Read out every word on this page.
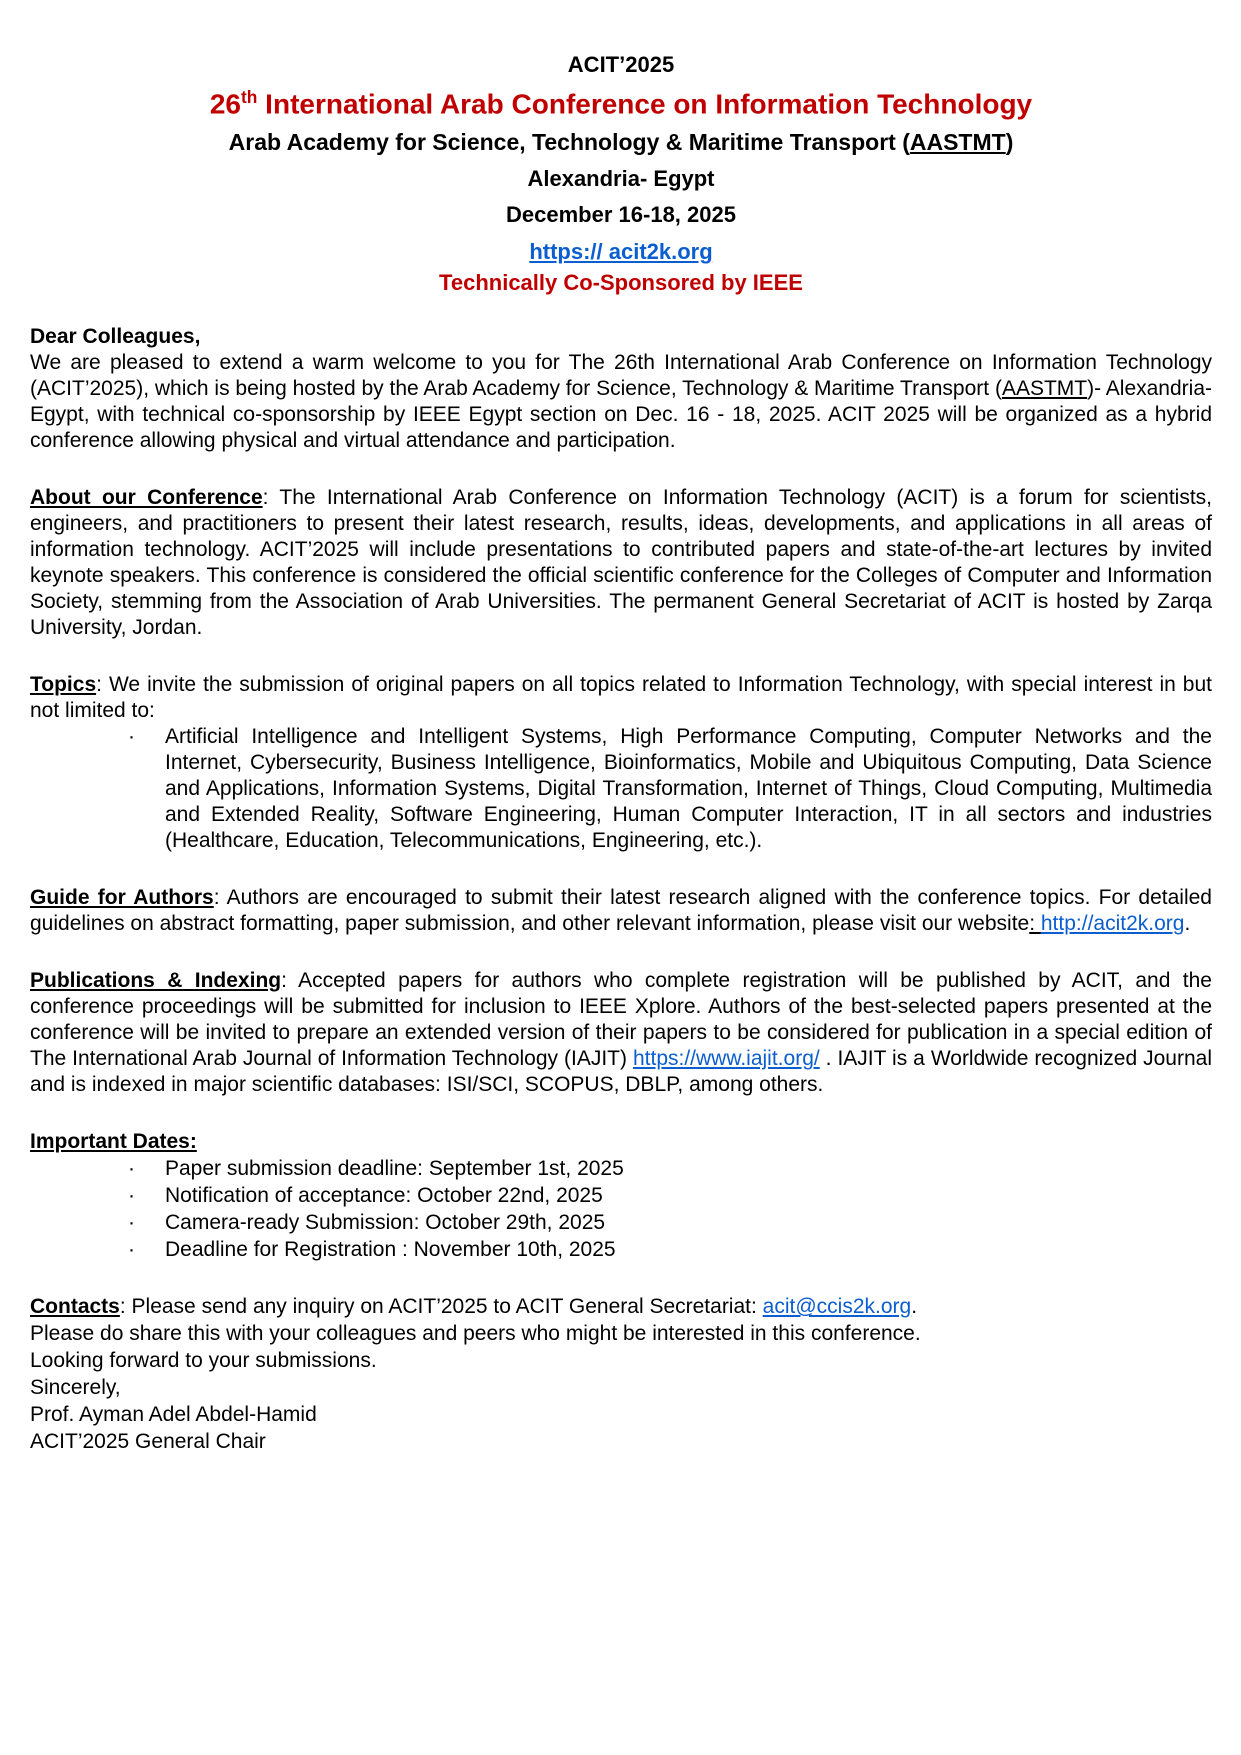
ACIT’2025
26th International Arab Conference on Information Technology
Arab Academy for Science, Technology & Maritime Transport (AASTMT)
Alexandria- Egypt
December 16-18, 2025
https:// acit2k.org
Technically Co-Sponsored by IEEE

Dear Colleagues,

We are pleased to extend a warm welcome to you for The 26th International Arab Conference on Information Technology (ACIT’2025), which is being hosted by the Arab Academy for Science, Technology & Maritime Transport (AASTMT)- Alexandria- Egypt, with technical co-sponsorship by IEEE Egypt section on Dec. 16 - 18, 2025. ACIT 2025 will be organized as a hybrid conference allowing physical and virtual attendance and participation.

About our Conference: The International Arab Conference on Information Technology (ACIT) is a forum for scientists, engineers, and practitioners to present their latest research, results, ideas, developments, and applications in all areas of information technology. ACIT’2025 will include presentations to contributed papers and state-of-the-art lectures by invited keynote speakers. This conference is considered the official scientific conference for the Colleges of Computer and Information Society, stemming from the Association of Arab Universities. The permanent General Secretariat of ACIT is hosted by Zarqa University, Jordan.

Topics: We invite the submission of original papers on all topics related to Information Technology, with special interest in but not limited to:

· Artificial Intelligence and Intelligent Systems, High Performance Computing, Computer Networks and the Internet, Cybersecurity, Business Intelligence, Bioinformatics, Mobile and Ubiquitous Computing, Data Science and Applications, Information Systems, Digital Transformation, Internet of Things, Cloud Computing, Multimedia and Extended Reality, Software Engineering, Human Computer Interaction, IT in all sectors and industries (Healthcare, Education, Telecommunications, Engineering, etc.).

Guide for Authors: Authors are encouraged to submit their latest research aligned with the conference topics. For detailed guidelines on abstract formatting, paper submission, and other relevant information, please visit our website: http://acit2k.org.

Publications & Indexing: Accepted papers for authors who complete registration will be published by ACIT, and the conference proceedings will be submitted for inclusion to IEEE Xplore. Authors of the best-selected papers presented at the conference will be invited to prepare an extended version of their papers to be considered for publication in a special edition of The International Arab Journal of Information Technology (IAJIT) https://www.iajit.org/ . IAJIT is a Worldwide recognized Journal and is indexed in major scientific databases: ISI/SCI, SCOPUS, DBLP, among others.

Important Dates:

· Paper submission deadline: September 1st, 2025
· Notification of acceptance: October 22nd, 2025
· Camera-ready Submission: October 29th, 2025
· Deadline for Registration : November 10th, 2025

Contacts: Please send any inquiry on ACIT’2025 to ACIT General Secretariat: acit@ccis2k.org.

Please do share this with your colleagues and peers who might be interested in this conference.

Looking forward to your submissions.

Sincerely,

Prof. Ayman Adel Abdel-Hamid

ACIT’2025 General Chair
